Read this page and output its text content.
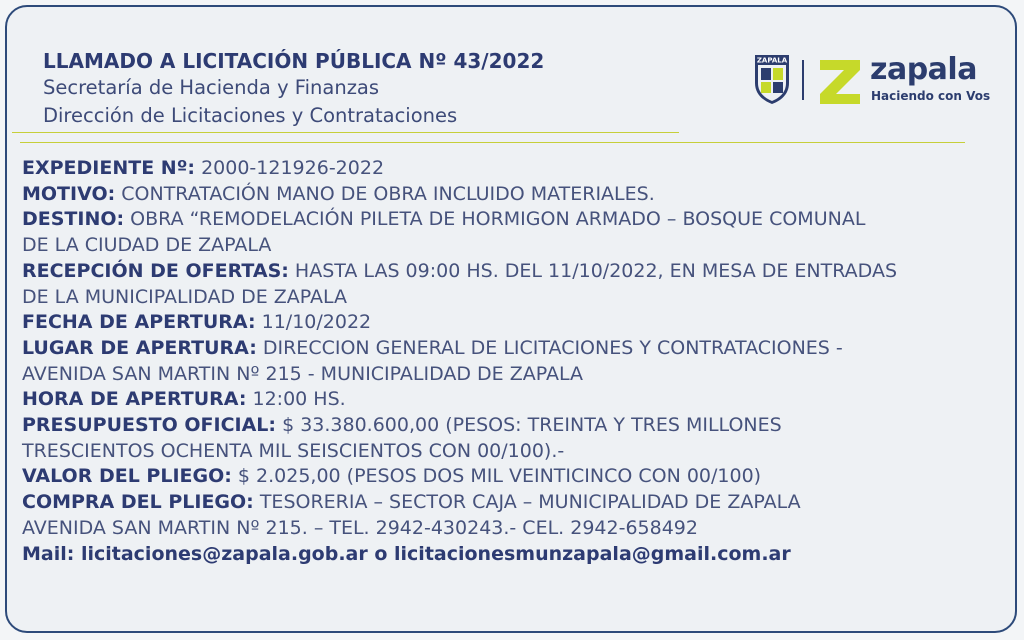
LLAMADO A LICITACIÓN PÚBLICA Nº 43/2022
Secretaría de Hacienda y Finanzas
Dirección de Licitaciones y Contrataciones
ZAPALA	zapala
Haciendo con Vos
EXPEDIENTE Nº: 2000-121926-2022
MOTIVO: CONTRATACIÓN MANO DE OBRA INCLUIDO MATERIALES.
DESTINO: OBRA “REMODELACIÓN PILETA DE HORMIGON ARMADO – BOSQUE COMUNAL
DE LA CIUDAD DE ZAPALA
RECEPCIÓN DE OFERTAS: HASTA LAS 09:00 HS. DEL 11/10/2022, EN MESA DE ENTRADAS
DE LA MUNICIPALIDAD DE ZAPALA
FECHA DE APERTURA: 11/10/2022
LUGAR DE APERTURA: DIRECCION GENERAL DE LICITACIONES Y CONTRATACIONES -
AVENIDA SAN MARTIN Nº 215 - MUNICIPALIDAD DE ZAPALA
HORA DE APERTURA: 12:00 HS.
PRESUPUESTO OFICIAL: $ 33.380.600,00 (PESOS: TREINTA Y TRES MILLONES
TRESCIENTOS OCHENTA MIL SEISCIENTOS CON 00/100).-
VALOR DEL PLIEGO: $ 2.025,00 (PESOS DOS MIL VEINTICINCO CON 00/100)
COMPRA DEL PLIEGO: TESORERIA – SECTOR CAJA – MUNICIPALIDAD DE ZAPALA
AVENIDA SAN MARTIN Nº 215. – TEL. 2942-430243.- CEL. 2942-658492
Mail: licitaciones@zapala.gob.ar o licitacionesmunzapala@gmail.com.ar
